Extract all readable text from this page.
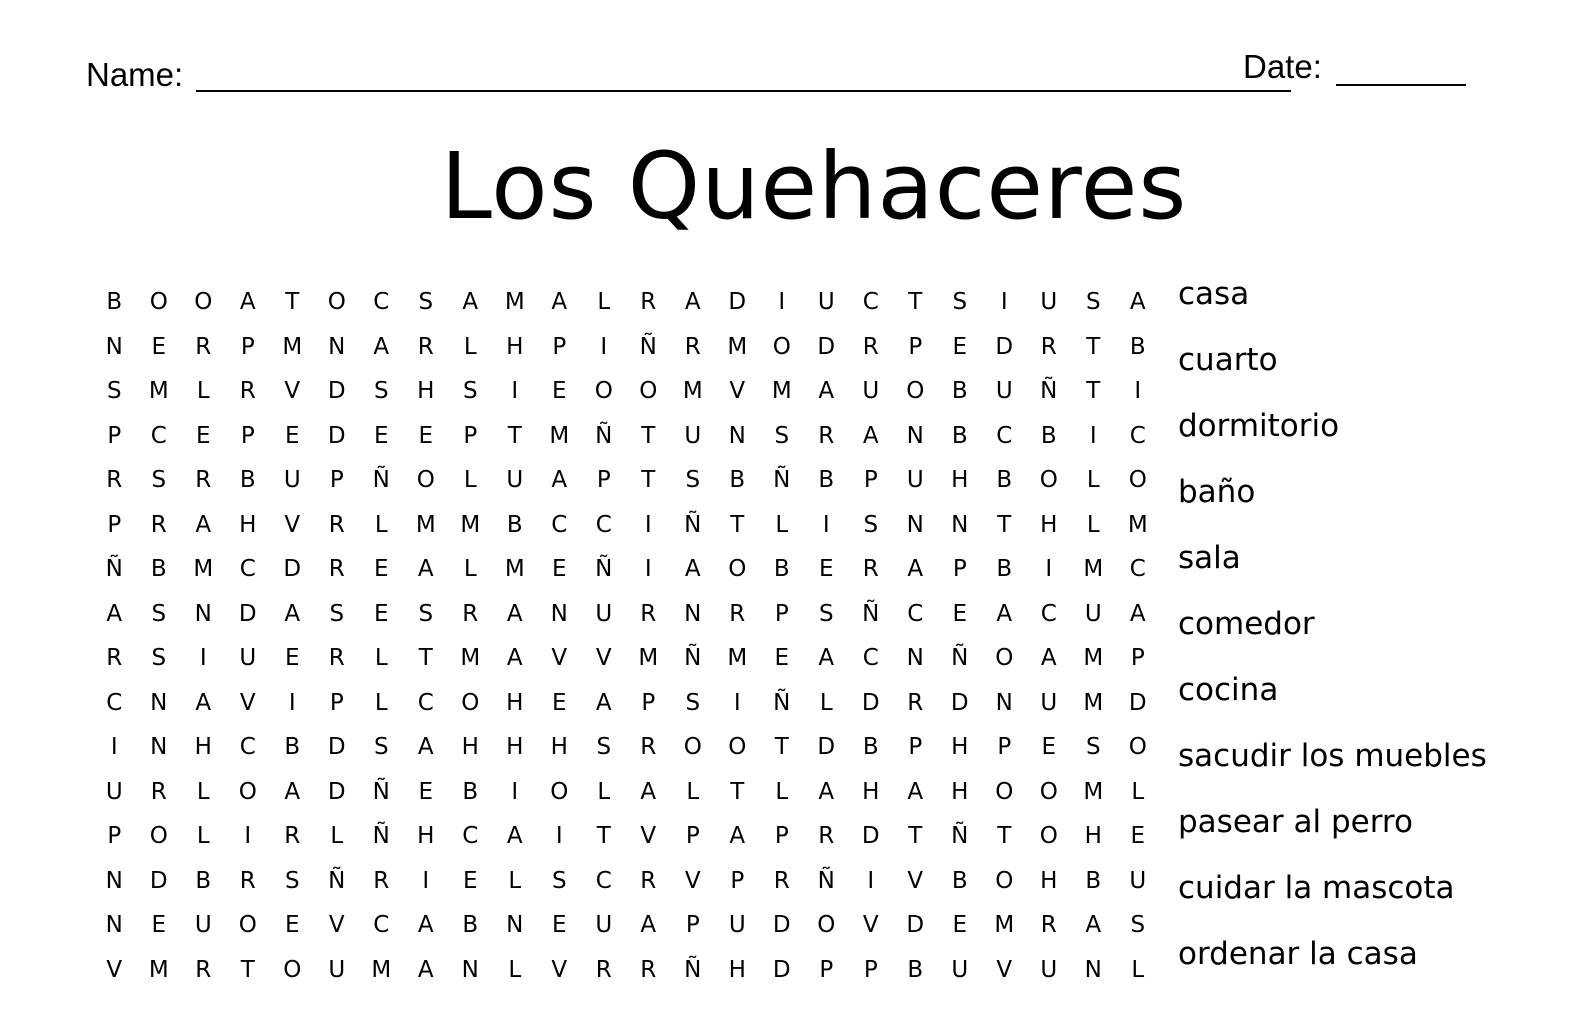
Name:	Date:
Los Quehaceres
B	O	O	A	T	O	C	S	A	M	A	L	R	A	D	I	U	C	T	S	I	U	S	A
N	E	R	P	M	N	A	R	L	H	P	I	Ñ	R	M	O	D	R	P	E	D	R	T	B
S	M	L	R	V	D	S	H	S	I	E	O	O	M	V	M	A	U	O	B	U	Ñ	T	I
P	C	E	P	E	D	E	E	P	T	M	Ñ	T	U	N	S	R	A	N	B	C	B	I	C
R	S	R	B	U	P	Ñ	O	L	U	A	P	T	S	B	Ñ	B	P	U	H	B	O	L	O
P	R	A	H	V	R	L	M	M	B	C	C	I	Ñ	T	L	I	S	N	N	T	H	L	M
Ñ	B	M	C	D	R	E	A	L	M	E	Ñ	I	A	O	B	E	R	A	P	B	I	M	C
A	S	N	D	A	S	E	S	R	A	N	U	R	N	R	P	S	Ñ	C	E	A	C	U	A
R	S	I	U	E	R	L	T	M	A	V	V	M	Ñ	M	E	A	C	N	Ñ	O	A	M	P
C	N	A	V	I	P	L	C	O	H	E	A	P	S	I	Ñ	L	D	R	D	N	U	M	D
I	N	H	C	B	D	S	A	H	H	H	S	R	O	O	T	D	B	P	H	P	E	S	O
U	R	L	O	A	D	Ñ	E	B	I	O	L	A	L	T	L	A	H	A	H	O	O	M	L
P	O	L	I	R	L	Ñ	H	C	A	I	T	V	P	A	P	R	D	T	Ñ	T	O	H	E
N	D	B	R	S	Ñ	R	I	E	L	S	C	R	V	P	R	Ñ	I	V	B	O	H	B	U
N	E	U	O	E	V	C	A	B	N	E	U	A	P	U	D	O	V	D	E	M	R	A	S
V	M	R	T	O	U	M	A	N	L	V	R	R	Ñ	H	D	P	P	B	U	V	U	N	L
casa
cuarto
dormitorio
baño
sala
comedor
cocina
sacudir los muebles
pasear al perro
cuidar la mascota
ordenar la casa
